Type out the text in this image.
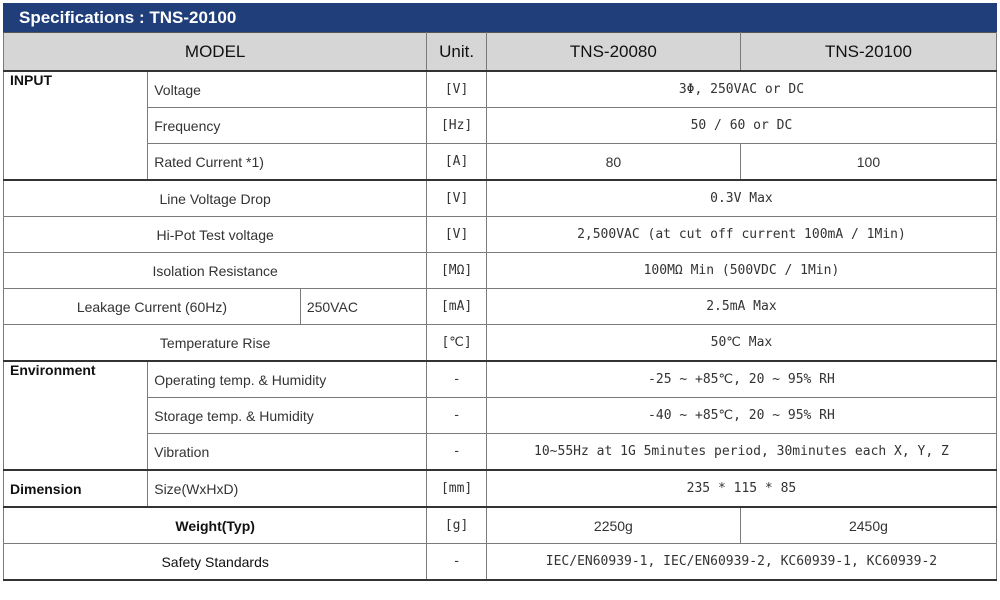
Specifications : TNS-20100
MODEL			Unit.	TNS-20080	TNS-20100
INPUT	Voltage		[V]	3Φ, 250VAC or DC	
	Frequency		[Hz]	50 / 60 or DC	
	Rated Current *1)		[A]	80	100
Line Voltage Drop			[V]	0.3V Max	
Hi-Pot Test voltage			[V]	2,500VAC (at cut off current 100mA / 1Min)	
Isolation Resistance			[MΩ]	100MΩ Min (500VDC / 1Min)	
Leakage Current (60Hz)		250VAC	[mA]	2.5mA Max	
Temperature Rise			[℃]	50℃ Max	
Environment	Operating temp. & Humidity		-	-25 ~ +85℃, 20 ~ 95% RH	
	Storage temp. & Humidity		-	-40 ~ +85℃, 20 ~ 95% RH	
	Vibration		-	10~55Hz at 1G 5minutes period, 30minutes each X, Y, Z	
Dimension	Size(WxHxD)		[mm]	235 * 115 * 85	
Weight(Typ)			[g]	2250g	2450g
Safety Standards			-	IEC/EN60939-1, IEC/EN60939-2, KC60939-1, KC60939-2	
